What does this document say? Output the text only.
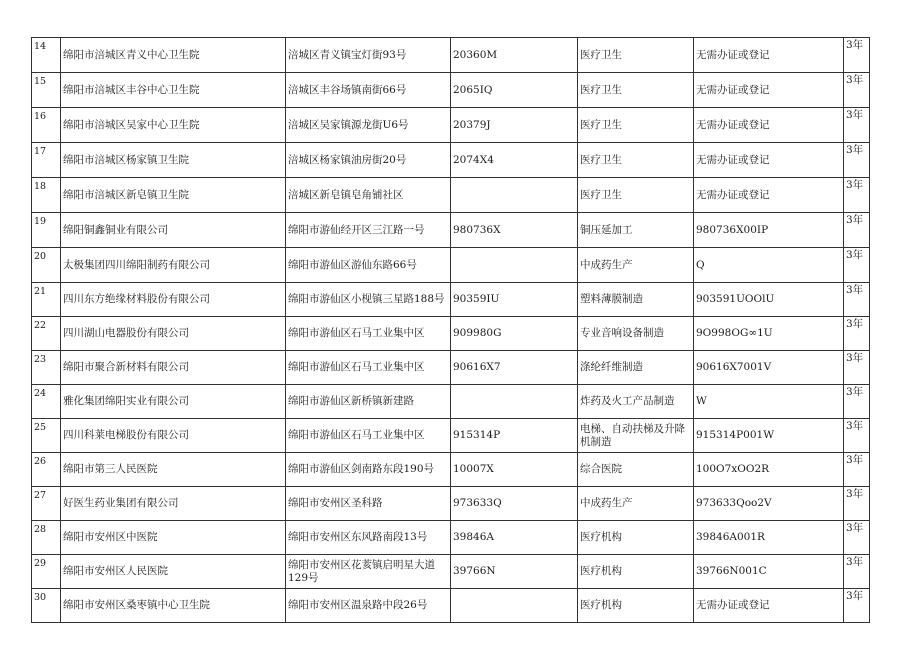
14	绵阳市涪城区青义中心卫生院	涪城区青义镇宝灯街93号	20360M	医疗卫生	无需办证或登记	3年
15	绵阳市涪城区丰谷中心卫生院	涪城区丰谷场镇南街66号	2065IQ	医疗卫生	无需办证或登记	3年
16	绵阳市涪城区吴家中心卫生院	涪城区吴家镇源龙街U6号	20379J	医疗卫生	无需办证或登记	3年
17	绵阳市涪城区杨家镇卫生院	涪城区杨家镇油房街20号	2074X4	医疗卫生	无需办证或登记	3年
18	绵阳市涪城区新皂镇卫生院	涪城区新皂镇皂角铺社区		医疗卫生	无需办证或登记	3年
19	绵阳铜鑫铜业有限公司	绵阳市游仙经开区三江路一号	980736X	铜压延加工	980736X00IP	3年
20	太极集团四川绵阳制药有限公司	绵阳市游仙区游仙东路66号		中成药生产	Q	3年
21	四川东方绝缘材料股份有限公司	绵阳市游仙区小枧镇三星路188号	90359IU	塑料薄膜制造	903591UOOlU	3年
22	四川湖山电器股份有限公司	绵阳市游仙区石马工业集中区	909980G	专业音响设备制造	9O998OG∞1U	3年
23	绵阳市聚合新材料有限公司	绵阳市游仙区石马工业集中区	90616X7	涤纶纤维制造	90616X7001V	3年
24	雅化集团绵阳实业有限公司	绵阳市游仙区新桥镇新建路		炸药及火工产品制造	W	3年
25	四川科莱电梯股份有限公司	绵阳市游仙区石马工业集中区	915314P	电梯、自动扶梯及升降机制造	915314P001W	3年
26	绵阳市第三人民医院	绵阳市游仙区剑南路东段190号	10007X	综合医院	100O7xOO2R	3年
27	好医生药业集团有限公司	绵阳市安州区圣科路	973633Q	中成药生产	973633Qoo2V	3年
28	绵阳市安州区中医院	绵阳市安州区东风路南段13号	39846A	医疗机构	39846A001R	3年
29	绵阳市安州区人民医院	绵阳市安州区花荄镇启明星大道129号	39766N	医疗机构	39766N001C	3年
30	绵阳市安州区桑枣镇中心卫生院	绵阳市安州区温泉路中段26号		医疗机构	无需办证或登记	3年
